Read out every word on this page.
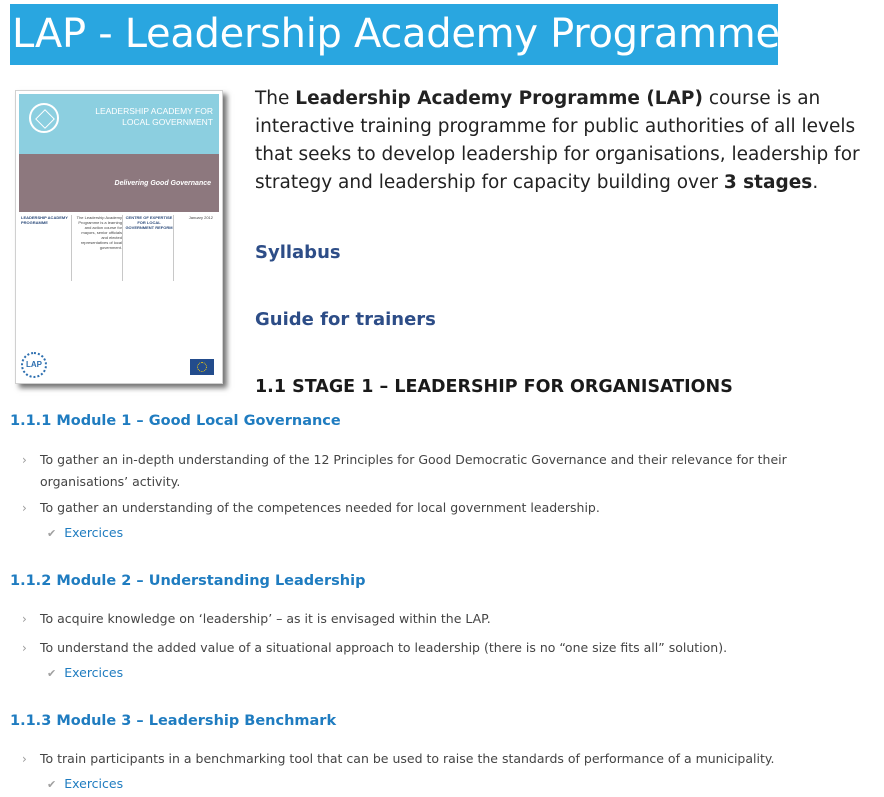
LAP - Leadership Academy Programme
LEADERSHIP ACADEMY FOR LOCAL GOVERNMENT
Delivering Good Governance
LEADERSHIP ACADEMY PROGRAMME
The Leadership Academy Programme is a learning and action course for mayors, senior officials and elected representatives of local government.
CENTRE OF EXPERTISE FOR LOCAL GOVERNMENT REFORM
January 2012
LAP

The Leadership Academy Programme (LAP) course is an interactive training programme for public authorities of all levels that seeks to develop leadership for organisations, leadership for strategy and leadership for capacity building over 3 stages.

Syllabus
Guide for trainers
1.1 STAGE 1 – LEADERSHIP FOR ORGANISATIONS
1.1.1 Module 1 – Good Local Governance
› To gather an in-depth understanding of the 12 Principles for Good Democratic Governance and their relevance for their organisations’ activity.
› To gather an understanding of the competences needed for local government leadership.
✔ Exercices
1.1.2 Module 2 – Understanding Leadership
› To acquire knowledge on ‘leadership’ – as it is envisaged within the LAP.
› To understand the added value of a situational approach to leadership (there is no “one size fits all” solution).
✔ Exercices
1.1.3 Module 3 – Leadership Benchmark
› To train participants in a benchmarking tool that can be used to raise the standards of performance of a municipality.
✔ Exercices
